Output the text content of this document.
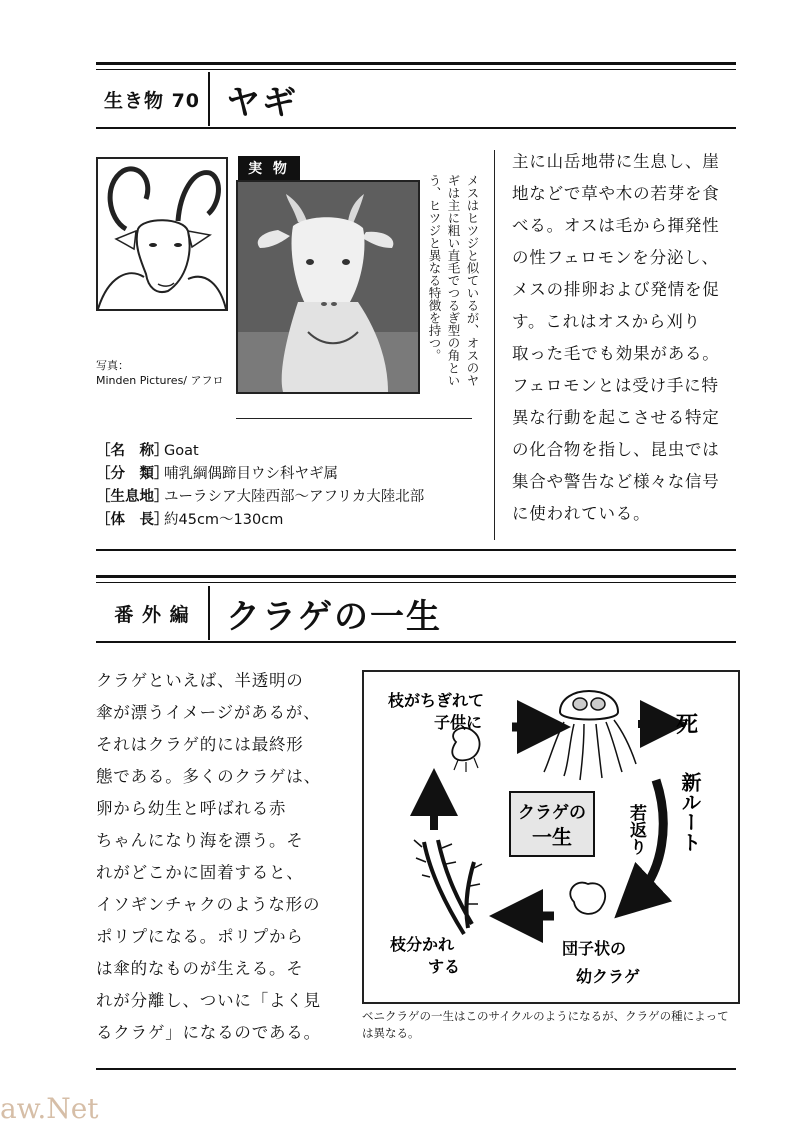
生き物 70 ヤギ
実 物
メスはヒツジと似ているが、オスのヤギは主に粗い直毛でつるぎ型の角という、ヒツジと異なる特徴を持つ。
写真：
Minden Pictures/ アフロ
［名　称］
Goat
［分　類］
哺乳綱偶蹄目ウシ科ヤギ属
［生息地］
ユーラシア大陸西部～アフリカ大陸北部
［体　長］
約45cm～130cm
主に山岳地帯に生息し、崖
地などで草や木の若芽を食
べる。オスは毛から揮発性
の性フェロモンを分泌し、
メスの排卵および発情を促
す。これはオスから刈り
取った毛でも効果がある。
フェロモンとは受け手に特
異な行動を起こさせる特定
の化合物を指し、昆虫では
集合や警告など様々な信号
に使われている。
番 外 編	クラゲの一生
クラゲといえば、半透明の
傘が漂うイメージがあるが、
それはクラゲ的には最終形
態である。多くのクラゲは、
卵から幼生と呼ばれる赤
ちゃんになり海を漂う。そ
れがどこかに固着すると、
イソギンチャクのような形の
ポリプになる。ポリプから
は傘的なものが生える。そ
れが分離し、ついに「よく見
るクラゲ」になるのである。
クラゲの
一生
枝がちぎれて
子供に	死
新ルート
若返り
団子状の
幼クラゲ
枝分かれ
する
ベニクラゲの一生はこのサイクルのようになるが、クラゲの種によっては異なる。
aw.Net
